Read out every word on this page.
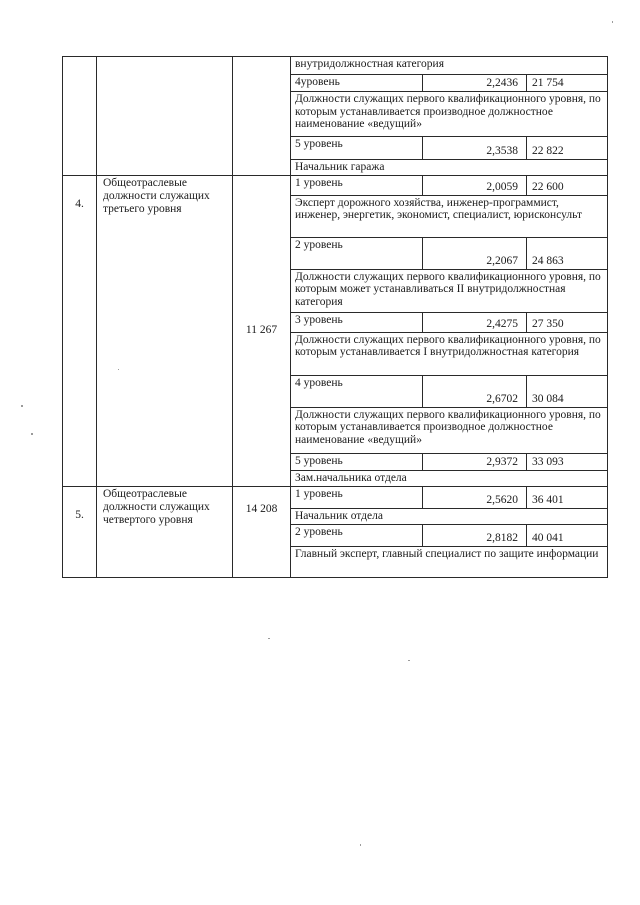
			внутридолжностная категория		
			4уровень	2,2436	21 754
			Должности служащих первого квалификационного уровня, по которым устанавливается производное должностное наименование «ведущий»		
			5 уровень	2,3538	22 822
			Начальник гаража		
4.	Общеотраслевые должности служащих третьего уровня	11 267	1 уровень	2,0059	22 600
			Эксперт дорожного хозяйства, инженер-программист, инженер, энергетик, экономист, специалист, юрисконсульт		
			2 уровень	2,2067	24 863
			Должности служащих первого квалификационного уровня, по которым может устанавливаться II внутридолжностная категория		
			3 уровень	2,4275	27 350
			Должности служащих первого квалификационного уровня, по которым устанавливается I внутридолжностная категория		
			4 уровень	2,6702	30 084
			Должности служащих первого квалификационного уровня, по которым устанавливается производное должностное наименование «ведущий»		
			5 уровень	2,9372	33 093
			Зам.начальника отдела		
5.	Общеотраслевые должности служащих четвертого уровня	14 208	1 уровень	2,5620	36 401
			Начальник отдела		
			2 уровень	2,8182	40 041
			Главный эксперт, главный специалист по защите информации		
